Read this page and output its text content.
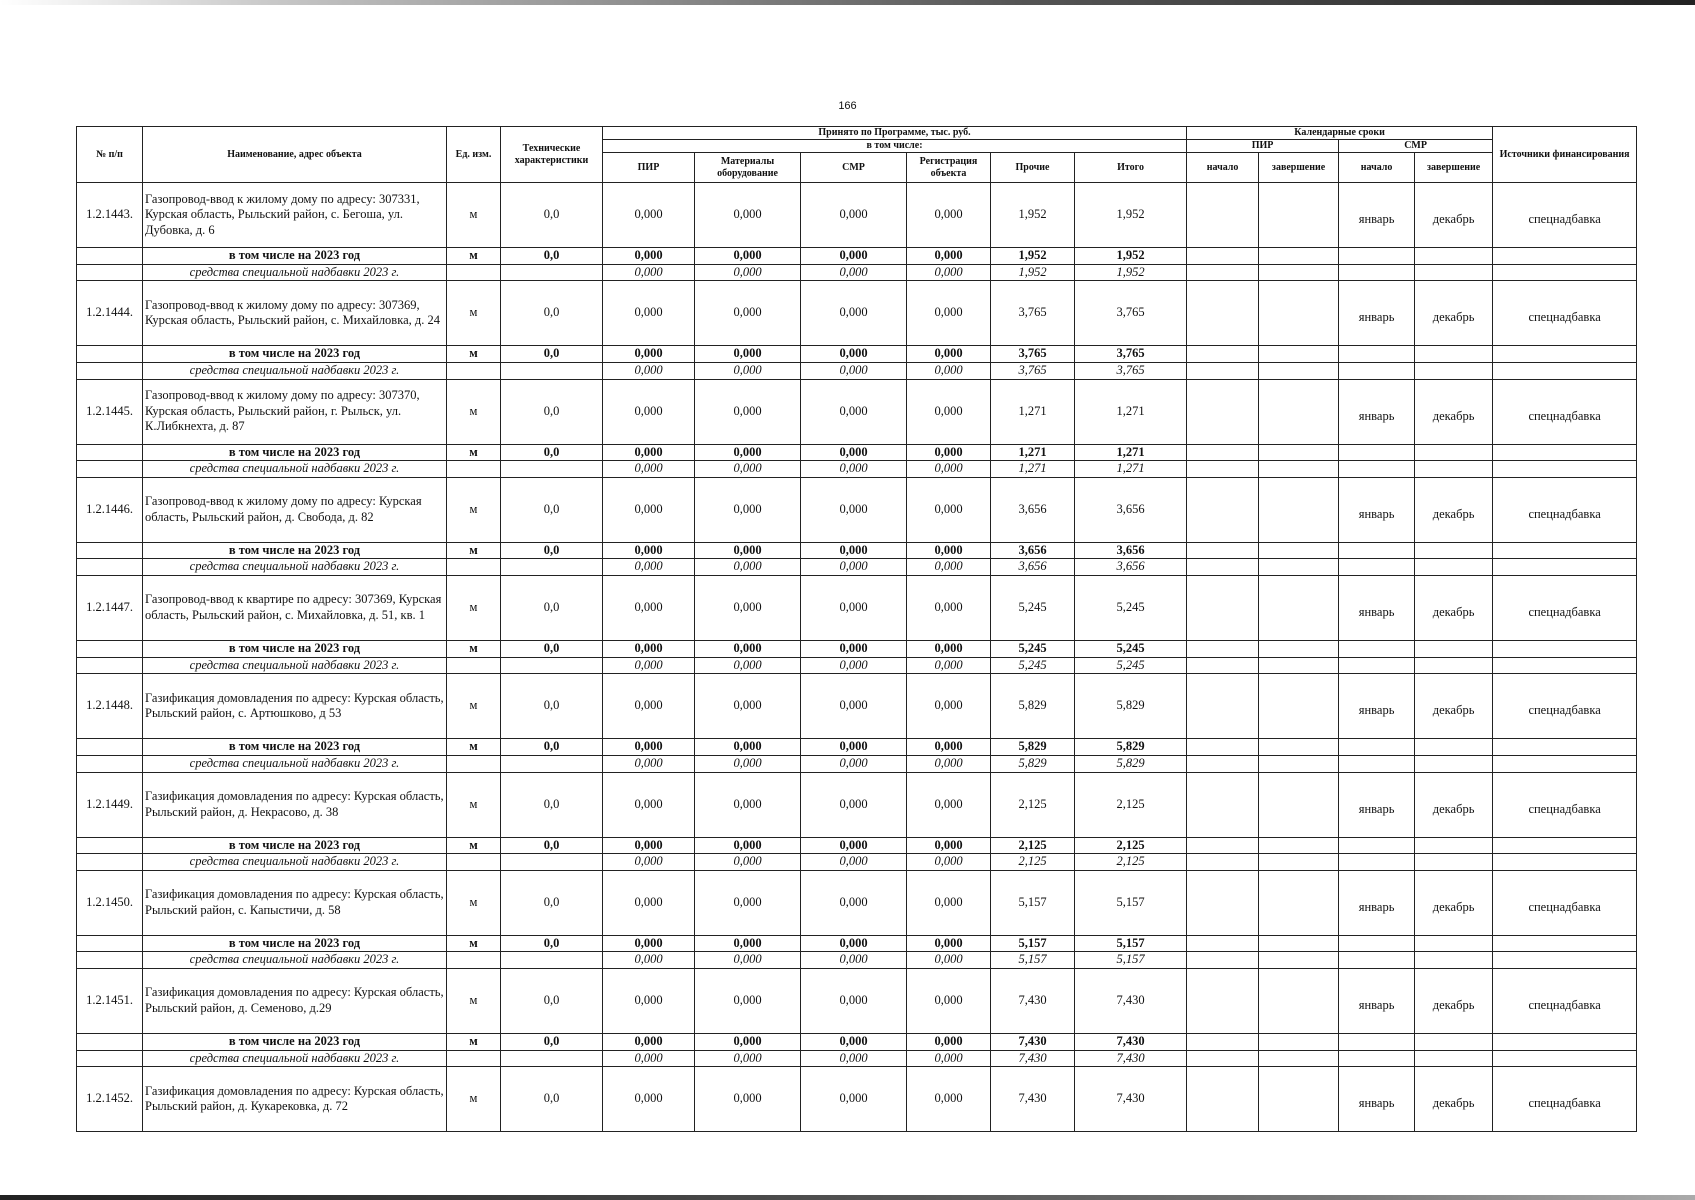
166
№ п/п	Наименование, адрес объекта	Ед. изм.	Технические характеристики	Принято по Программе, тыс. руб.						Календарные сроки				Источники финансирования
				в том числе:						ПИР		СМР		
				ПИР	Материалы оборудование	СМР	Регистрация объекта	Прочие	Итого	начало	завершение	начало	завершение	
1.2.1443.	Газопровод-ввод к жилому дому по адресу: 307331, Курская область, Рыльский район, с. Бегоша, ул. Дубовка, д. 6	м	0,0	0,000	0,000	0,000	0,000	1,952	1,952			январь	декабрь	спецнадбавка
	в том числе на 2023 год	м	0,0	0,000	0,000	0,000	0,000	1,952	1,952					
	средства специальной надбавки 2023 г.			0,000	0,000	0,000	0,000	1,952	1,952					
1.2.1444.	Газопровод-ввод к жилому дому по адресу: 307369, Курская область, Рыльский район, с. Михайловка, д. 24	м	0,0	0,000	0,000	0,000	0,000	3,765	3,765			январь	декабрь	спецнадбавка
	в том числе на 2023 год	м	0,0	0,000	0,000	0,000	0,000	3,765	3,765					
	средства специальной надбавки 2023 г.			0,000	0,000	0,000	0,000	3,765	3,765					
1.2.1445.	Газопровод-ввод к жилому дому по адресу: 307370, Курская область, Рыльский район, г. Рыльск, ул. К.Либкнехта, д. 87	м	0,0	0,000	0,000	0,000	0,000	1,271	1,271			январь	декабрь	спецнадбавка
	в том числе на 2023 год	м	0,0	0,000	0,000	0,000	0,000	1,271	1,271					
	средства специальной надбавки 2023 г.			0,000	0,000	0,000	0,000	1,271	1,271					
1.2.1446.	Газопровод-ввод к жилому дому по адресу: Курская область, Рыльский район, д. Свобода, д. 82	м	0,0	0,000	0,000	0,000	0,000	3,656	3,656			январь	декабрь	спецнадбавка
	в том числе на 2023 год	м	0,0	0,000	0,000	0,000	0,000	3,656	3,656					
	средства специальной надбавки 2023 г.			0,000	0,000	0,000	0,000	3,656	3,656					
1.2.1447.	Газопровод-ввод к квартире по адресу: 307369, Курская область, Рыльский район, с. Михайловка, д. 51, кв. 1	м	0,0	0,000	0,000	0,000	0,000	5,245	5,245			январь	декабрь	спецнадбавка
	в том числе на 2023 год	м	0,0	0,000	0,000	0,000	0,000	5,245	5,245					
	средства специальной надбавки 2023 г.			0,000	0,000	0,000	0,000	5,245	5,245					
1.2.1448.	Газификация домовладения по адресу: Курская область, Рыльский район, с. Артюшково, д 53	м	0,0	0,000	0,000	0,000	0,000	5,829	5,829			январь	декабрь	спецнадбавка
	в том числе на 2023 год	м	0,0	0,000	0,000	0,000	0,000	5,829	5,829					
	средства специальной надбавки 2023 г.			0,000	0,000	0,000	0,000	5,829	5,829					
1.2.1449.	Газификация домовладения по адресу: Курская область, Рыльский район, д. Некрасово, д. 38	м	0,0	0,000	0,000	0,000	0,000	2,125	2,125			январь	декабрь	спецнадбавка
	в том числе на 2023 год	м	0,0	0,000	0,000	0,000	0,000	2,125	2,125					
	средства специальной надбавки 2023 г.			0,000	0,000	0,000	0,000	2,125	2,125					
1.2.1450.	Газификация домовладения по адресу: Курская область, Рыльский район, с. Капыстичи, д. 58	м	0,0	0,000	0,000	0,000	0,000	5,157	5,157			январь	декабрь	спецнадбавка
	в том числе на 2023 год	м	0,0	0,000	0,000	0,000	0,000	5,157	5,157					
	средства специальной надбавки 2023 г.			0,000	0,000	0,000	0,000	5,157	5,157					
1.2.1451.	Газификация домовладения по адресу: Курская область, Рыльский район, д. Семеново, д.29	м	0,0	0,000	0,000	0,000	0,000	7,430	7,430			январь	декабрь	спецнадбавка
	в том числе на 2023 год	м	0,0	0,000	0,000	0,000	0,000	7,430	7,430					
	средства специальной надбавки 2023 г.			0,000	0,000	0,000	0,000	7,430	7,430					
1.2.1452.	Газификация домовладения по адресу: Курская область, Рыльский район, д. Кукарековка, д. 72	м	0,0	0,000	0,000	0,000	0,000	7,430	7,430			январь	декабрь	спецнадбавка
